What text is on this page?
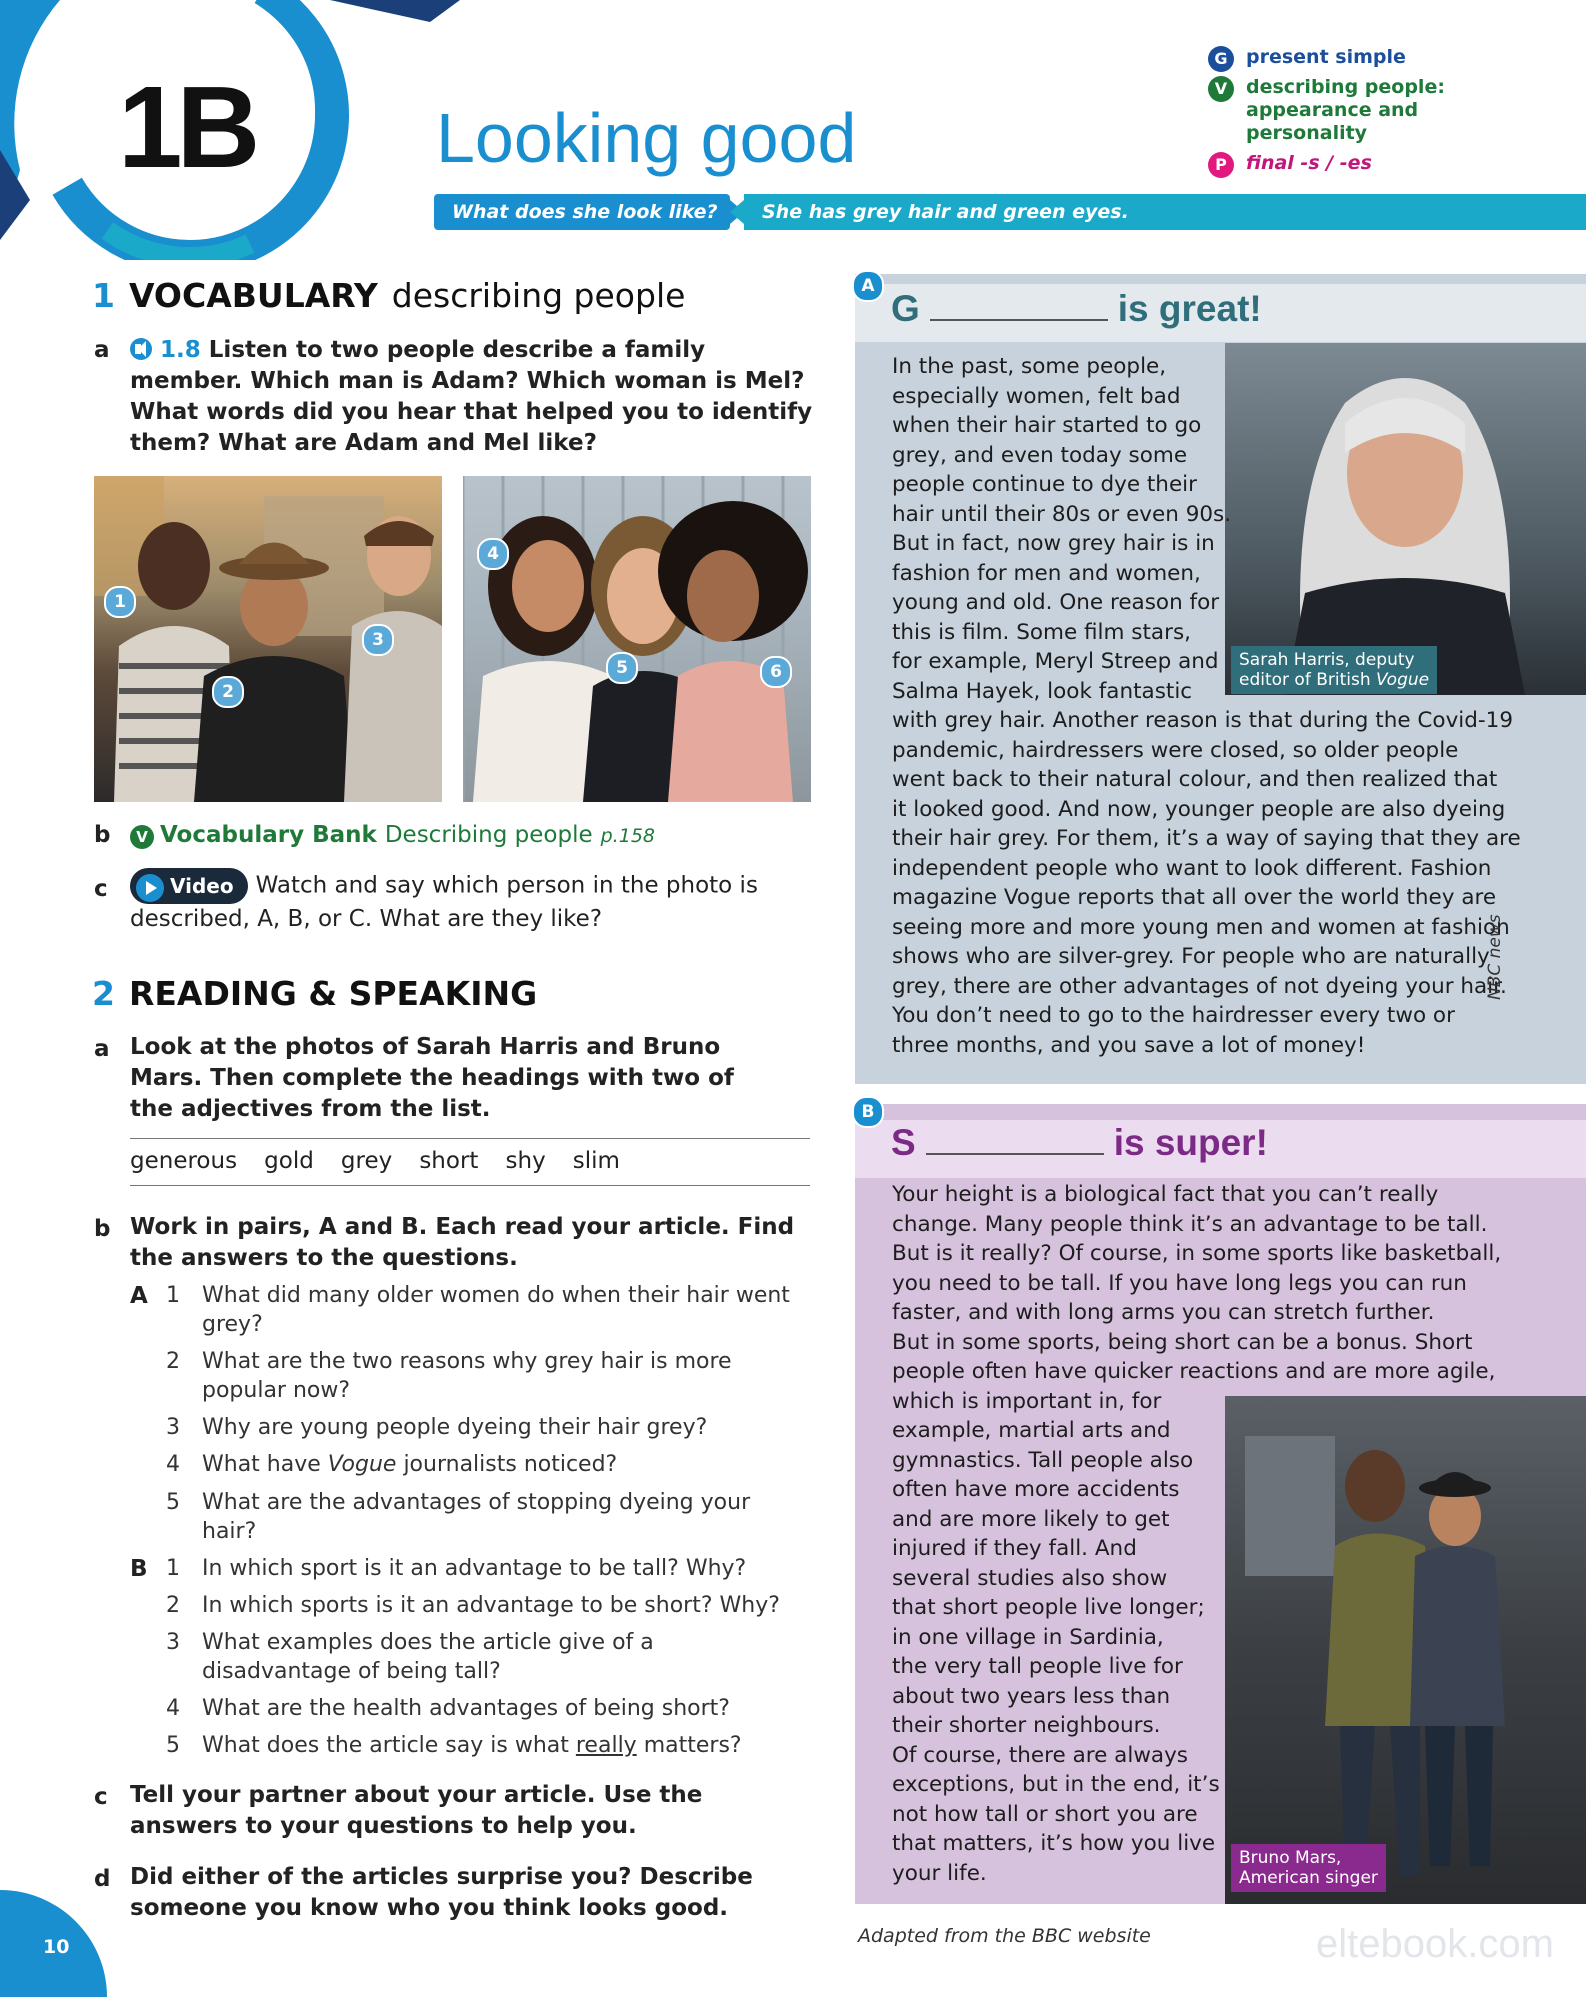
1B	Looking good
What does she look like?	She has grey hair and green eyes.
G present simple
V describing people: appearance and personality
P	final -s / -es
1 VOCABULARY describing people
a	1.8 Listen to two people describe a family member. Which man is Adam? Which woman is Mel? What words did you hear that helped you to identify them? What are Adam and Mel like?
1
2
3
4
5	6
b	V Vocabulary Bank Describing people p.158
c	Video Watch and say which person in the photo is described, A, B, or C. What are they like?
2 READING & SPEAKING
a Look at the photos of Sarah Harris and Bruno Mars. Then complete the headings with two of the adjectives from the list.
generous gold grey short shy slim
b Work in pairs, A and B. Each read your article. Find the answers to the questions.
A 1 What did many older women do when their hair went grey?
2 What are the two reasons why grey hair is more popular now?
3 Why are young people dyeing their hair grey?
4 What have Vogue journalists noticed?
5 What are the advantages of stopping dyeing your hair?
B 1 In which sport is it an advantage to be tall? Why?
2 In which sports is it an advantage to be short? Why?
3 What examples does the article give of a disadvantage of being tall?
4 What are the health advantages of being short?
5 What does the article say is what really matters?
c Tell your partner about your article. Use the answers to your questions to help you.
d Did either of the articles surprise you? Describe someone you know who you think looks good.
A
G	is great!
Sarah Harris, deputy
editor of British Vogue
In the past, some people,
especially women, felt bad
when their hair started to go
grey, and even today some
people continue to dye their
hair until their 80s or even 90s.
But in fact, now grey hair is in
fashion for men and women,
young and old. One reason for
this is film. Some film stars,
for example, Meryl Streep and
Salma Hayek, look fantastic
with grey hair. Another reason is that during the Covid-19
pandemic, hairdressers were closed, so older people
went back to their natural colour, and then realized that
it looked good. And now, younger people are also dyeing
their hair grey. For them, it’s a way of saying that they are
independent people who want to look different. Fashion
magazine Vogue reports that all over the world they are
seeing more and more young men and women at fashion
shows who are silver-grey. For people who are naturally
grey, there are other advantages of not dyeing your hair.
You don’t need to go to the hairdresser every two or
three months, and you save a lot of money!
NBC news
B
S	is super!
Bruno Mars,
American singer
Your height is a biological fact that you can’t really
change. Many people think it’s an advantage to be tall.
But is it really? Of course, in some sports like basketball,
you need to be tall. If you have long legs you can run
faster, and with long arms you can stretch further.
But in some sports, being short can be a bonus. Short
people often have quicker reactions and are more agile,
which is important in, for
example, martial arts and
gymnastics. Tall people also
often have more accidents
and are more likely to get
injured if they fall. And
several studies also show
that short people live longer;
in one village in Sardinia,
the very tall people live for
about two years less than
their shorter neighbours.
Of course, there are always
exceptions, but in the end, it’s
not how tall or short you are
that matters, it’s how you live
your life.
Adapted from the BBC website	eltebook.com
10
